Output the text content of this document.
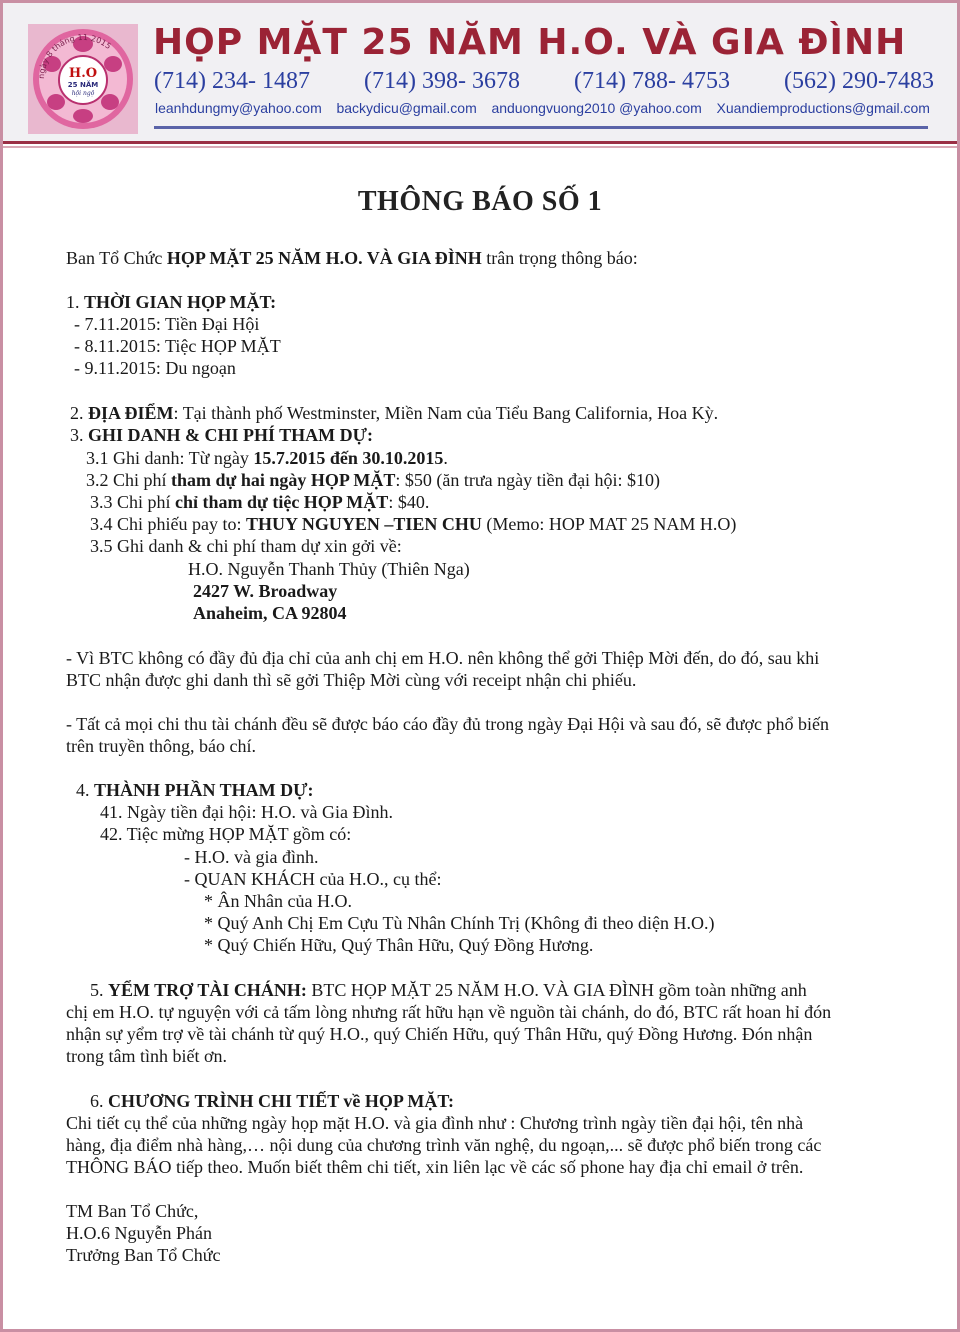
ngày 8 tháng 11 2015
H.O
25 NĂM
hội ngộ
HỌP MẶT 25 NĂM H.O. VÀ GIA ĐÌNH
(714) 234- 1487 (714) 398- 3678 (714) 788- 4753 (562) 290-7483
leanhdungmy@yahoo.com backydicu@gmail.com anduongvuong2010 @yahoo.com Xuandiemproductions@gmail.com
THÔNG BÁO SỐ 1
Ban Tổ Chức HỌP MẶT 25 NĂM H.O. VÀ GIA ĐÌNH trân trọng thông báo:
1. THỜI GIAN HỌP MẶT:
- 7.11.2015: Tiền Đại Hội
- 8.11.2015: Tiệc HỌP MẶT
- 9.11.2015: Du ngoạn
2. ĐỊA ĐIỂM: Tại thành phố Westminster, Miền Nam của Tiểu Bang California, Hoa Kỳ.
3. GHI DANH & CHI PHÍ THAM DỰ:
3.1 Ghi danh: Từ ngày 15.7.2015 đến 30.10.2015.
3.2 Chi phí tham dự hai ngày HỌP MẶT: $50 (ăn trưa ngày tiền đại hội: $10)
3.3 Chi phí chỉ tham dự tiệc HỌP MẶT: $40.
3.4 Chi phiếu pay to: THUY NGUYEN –TIEN CHU (Memo: HOP MAT 25 NAM H.O)
3.5 Ghi danh & chi phí tham dự xin gởi về:
H.O. Nguyễn Thanh Thủy (Thiên Nga)
2427 W. Broadway
Anaheim, CA 92804
- Vì BTC không có đầy đủ địa chỉ của anh chị em H.O. nên không thể gởi Thiệp Mời đến, do đó, sau khi
BTC nhận được ghi danh thì sẽ gởi Thiệp Mời cùng với receipt nhận chi phiếu.
- Tất cả mọi chi thu tài chánh đều sẽ được báo cáo đầy đủ trong ngày Đại Hội và sau đó, sẽ được phổ biến
trên truyền thông, báo chí.
4. THÀNH PHẦN THAM DỰ:
41. Ngày tiền đại hội: H.O. và Gia Đình.
42. Tiệc mừng HỌP MẶT gồm có:
- H.O. và gia đình.
- QUAN KHÁCH của H.O., cụ thể:
* Ân Nhân của H.O.
* Quý Anh Chị Em Cựu Tù Nhân Chính Trị (Không đi theo diện H.O.)
* Quý Chiến Hữu, Quý Thân Hữu, Quý Đồng Hương.
5. YỂM TRỢ TÀI CHÁNH: BTC HỌP MẶT 25 NĂM H.O. VÀ GIA ĐÌNH gồm toàn những anh
chị em H.O. tự nguyện với cả tấm lòng nhưng rất hữu hạn về nguồn tài chánh, do đó, BTC rất hoan hỉ đón
nhận sự yểm trợ về tài chánh từ quý H.O., quý Chiến Hữu, quý Thân Hữu, quý Đồng Hương. Đón nhận
trong tâm tình biết ơn.
6. CHƯƠNG TRÌNH CHI TIẾT về HỌP MẶT:
Chi tiết cụ thể của những ngày họp mặt H.O. và gia đình như : Chương trình ngày tiền đại hội, tên nhà
hàng, địa điểm nhà hàng,… nội dung của chương trình văn nghệ, du ngoạn,... sẽ được phổ biến trong các
THÔNG BÁO tiếp theo. Muốn biết thêm chi tiết, xin liên lạc về các số phone hay địa chỉ email ở trên.
TM Ban Tổ Chức,
H.O.6 Nguyễn Phán
Trưởng Ban Tổ Chức
